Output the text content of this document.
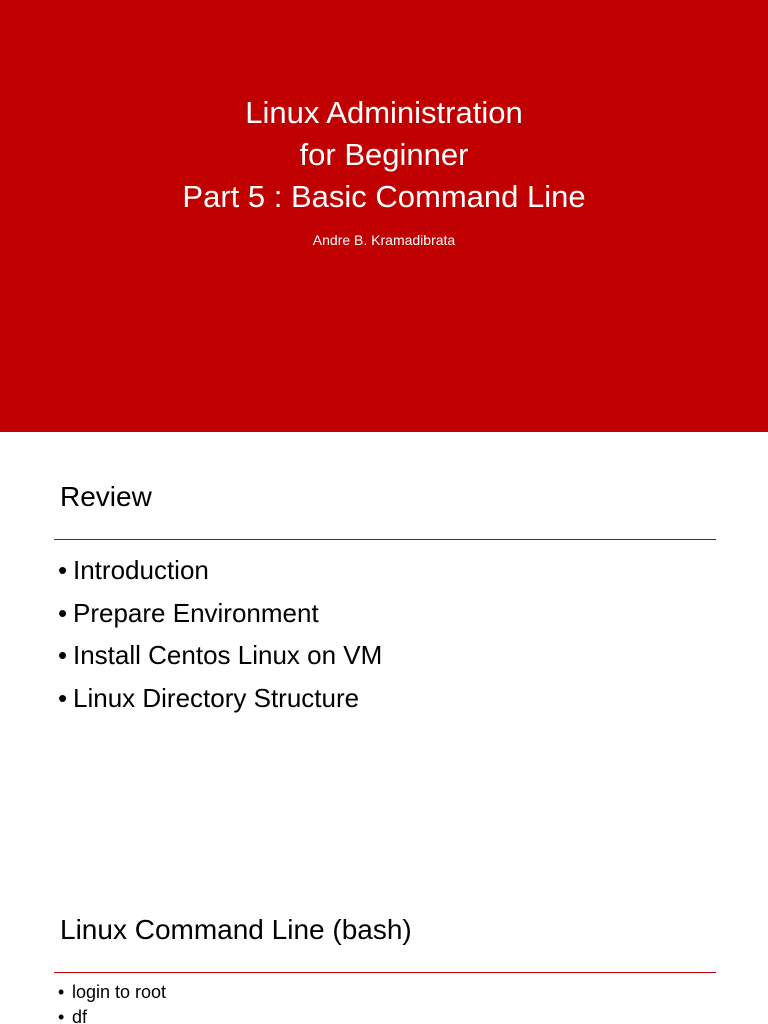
Linux Administration
for Beginner
Part 5 : Basic Command Line
Andre B. Kramadibrata
Review
• Introduction
• Prepare Environment
• Install Centos Linux on VM
• Linux Directory Structure
Linux Command Line (bash)
• login to root
• df
